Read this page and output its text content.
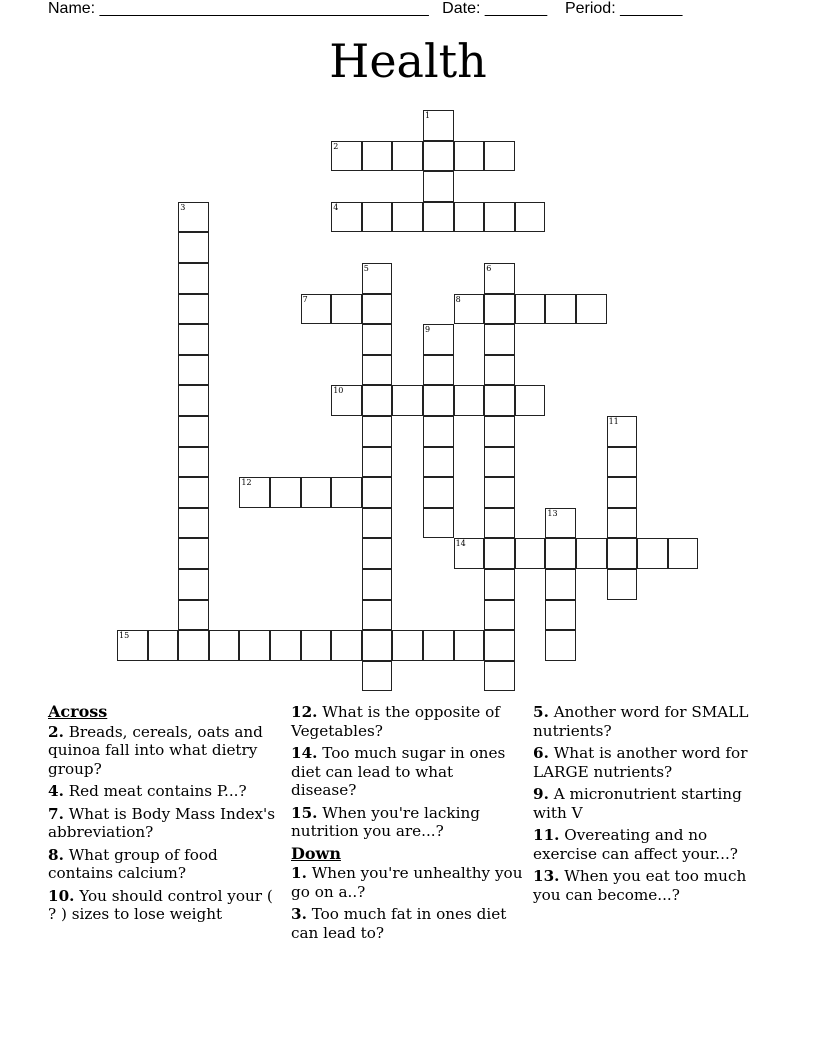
Name: _____________________________________ Date: _______ Period: _______
Health
1
2
3	4
5	6
7	8
9
10
11
12
13
14
15
Across
2. Breads, cereals, oats and quinoa fall into what dietry group?
4. Red meat contains P...?
7. What is Body Mass Index's abbreviation?
8. What group of food contains calcium?
10. You should control your ( ? ) sizes to lose weight
12. What is the opposite of Vegetables?
14. Too much sugar in ones diet can lead to what disease?
15. When you're lacking nutrition you are...?
Down
1. When you're unhealthy you go on a..?
3. Too much fat in ones diet can lead to?
5. Another word for SMALL nutrients?
6. What is another word for LARGE nutrients?
9. A micronutrient starting with V
11. Overeating and no exercise can affect your...?
13. When you eat too much you can become...?
